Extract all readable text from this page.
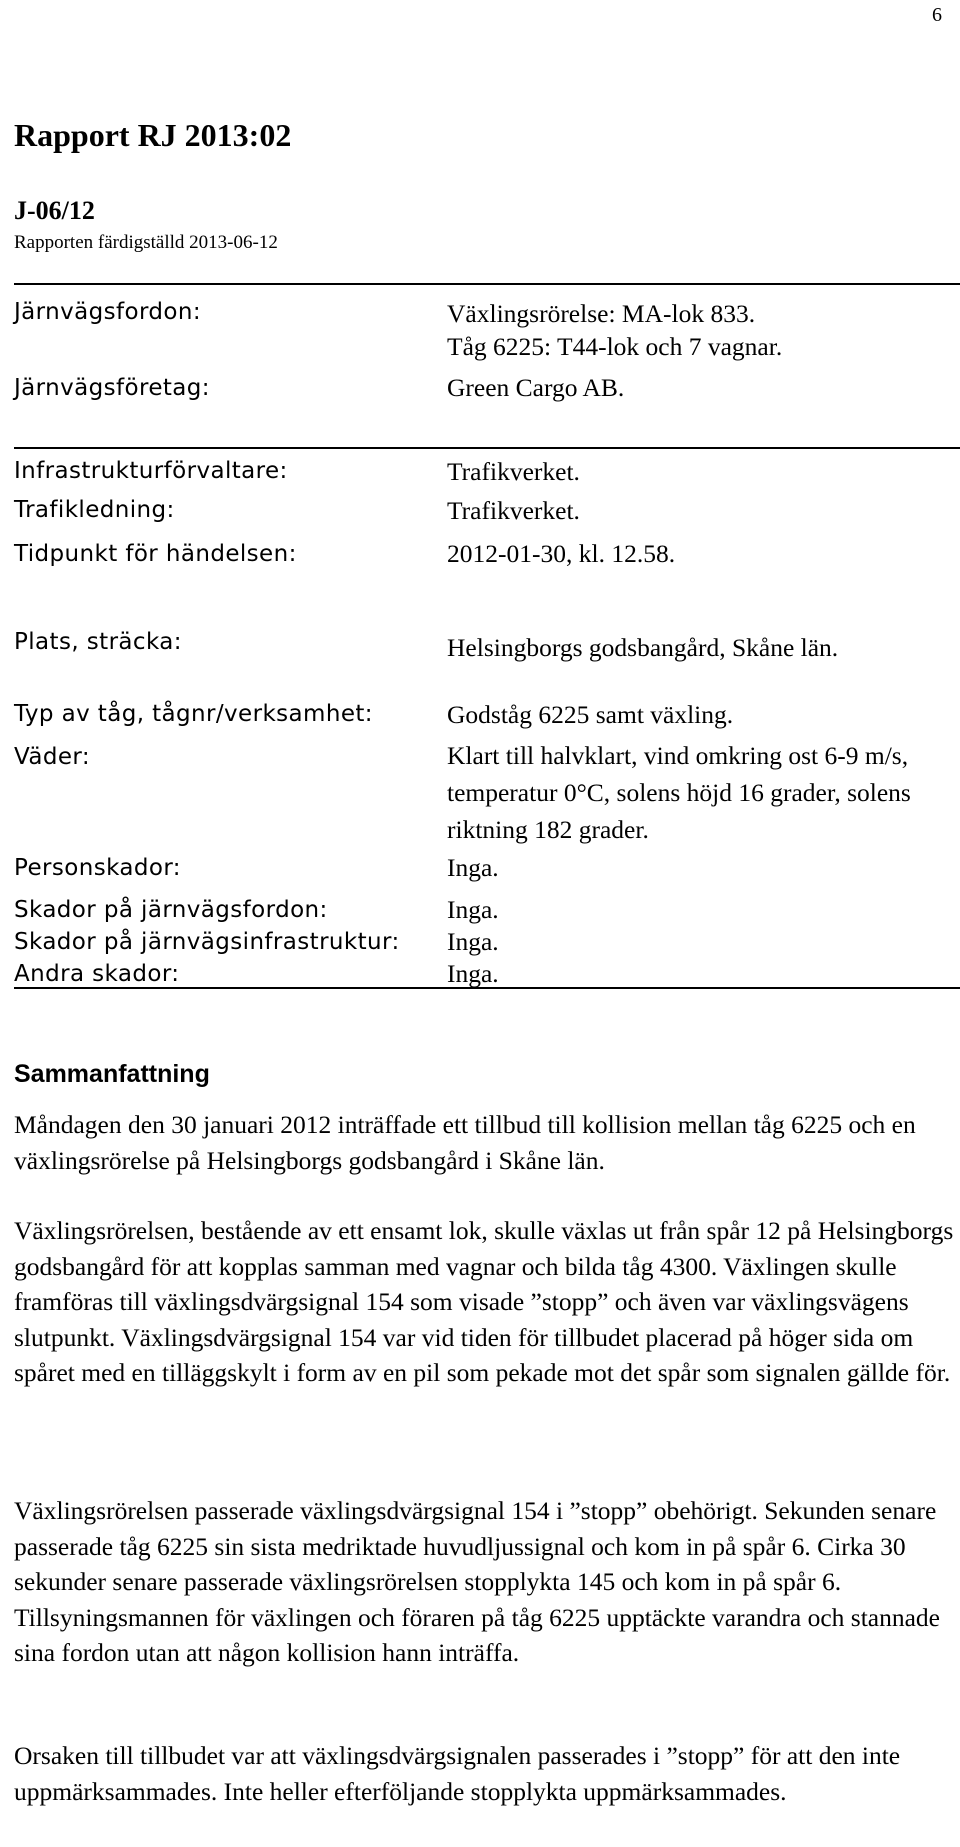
6
Rapport RJ 2013:02
J-06/12
Rapporten färdigställd 2013-06-12
Järnvägsfordon:	Växlingsrörelse: MA-lok 833.
Tåg 6225: T44-lok och 7 vagnar.
Järnvägsföretag:	Green Cargo AB.
Infrastrukturförvaltare:	Trafikverket.
Trafikledning:	Trafikverket.
Tidpunkt för händelsen:	2012-01-30, kl. 12.58.
Plats, sträcka:	Helsingborgs godsbangård, Skåne län.
Typ av tåg, tågnr/verksamhet:	Godståg 6225 samt växling.
Väder:	Klart till halvklart, vind omkring ost 6-9 m/s, temperatur 0°C, solens höjd 16 grader, solens riktning 182 grader.
Personskador:	Inga.
Skador på järnvägsfordon:	Inga.
Skador på järnvägsinfrastruktur: Inga.
Andra skador:	Inga.
Sammanfattning
Måndagen den 30 januari 2012 inträffade ett tillbud till kollision mellan tåg 6225 och en växlingsrörelse på Helsingborgs godsbangård i Skåne län.
Växlingsrörelsen, bestående av ett ensamt lok, skulle växlas ut från spår 12 på Helsingborgs godsbangård för att kopplas samman med vagnar och bilda tåg 4300. Växlingen skulle framföras till växlingsdvärgsignal 154 som visade ”stopp” och även var växlingsvägens slutpunkt. Växlingsdvärgsignal 154 var vid tiden för tillbudet placerad på höger sida om spåret med en tilläggskylt i form av en pil som pekade mot det spår som signalen gällde för.
Växlingsrörelsen passerade växlingsdvärgsignal 154 i ”stopp” obehörigt. Sekunden senare passerade tåg 6225 sin sista medriktade huvudljussignal och kom in på spår 6. Cirka 30 sekunder senare passerade växlingsrörelsen stopplykta 145 och kom in på spår 6. Tillsyningsmannen för växlingen och föraren på tåg 6225 upptäckte varandra och stannade sina fordon utan att någon kollision hann inträffa.
Orsaken till tillbudet var att växlingsdvärgsignalen passerades i ”stopp” för att den inte uppmärksammades. Inte heller efterföljande stopplykta uppmärksammades.
